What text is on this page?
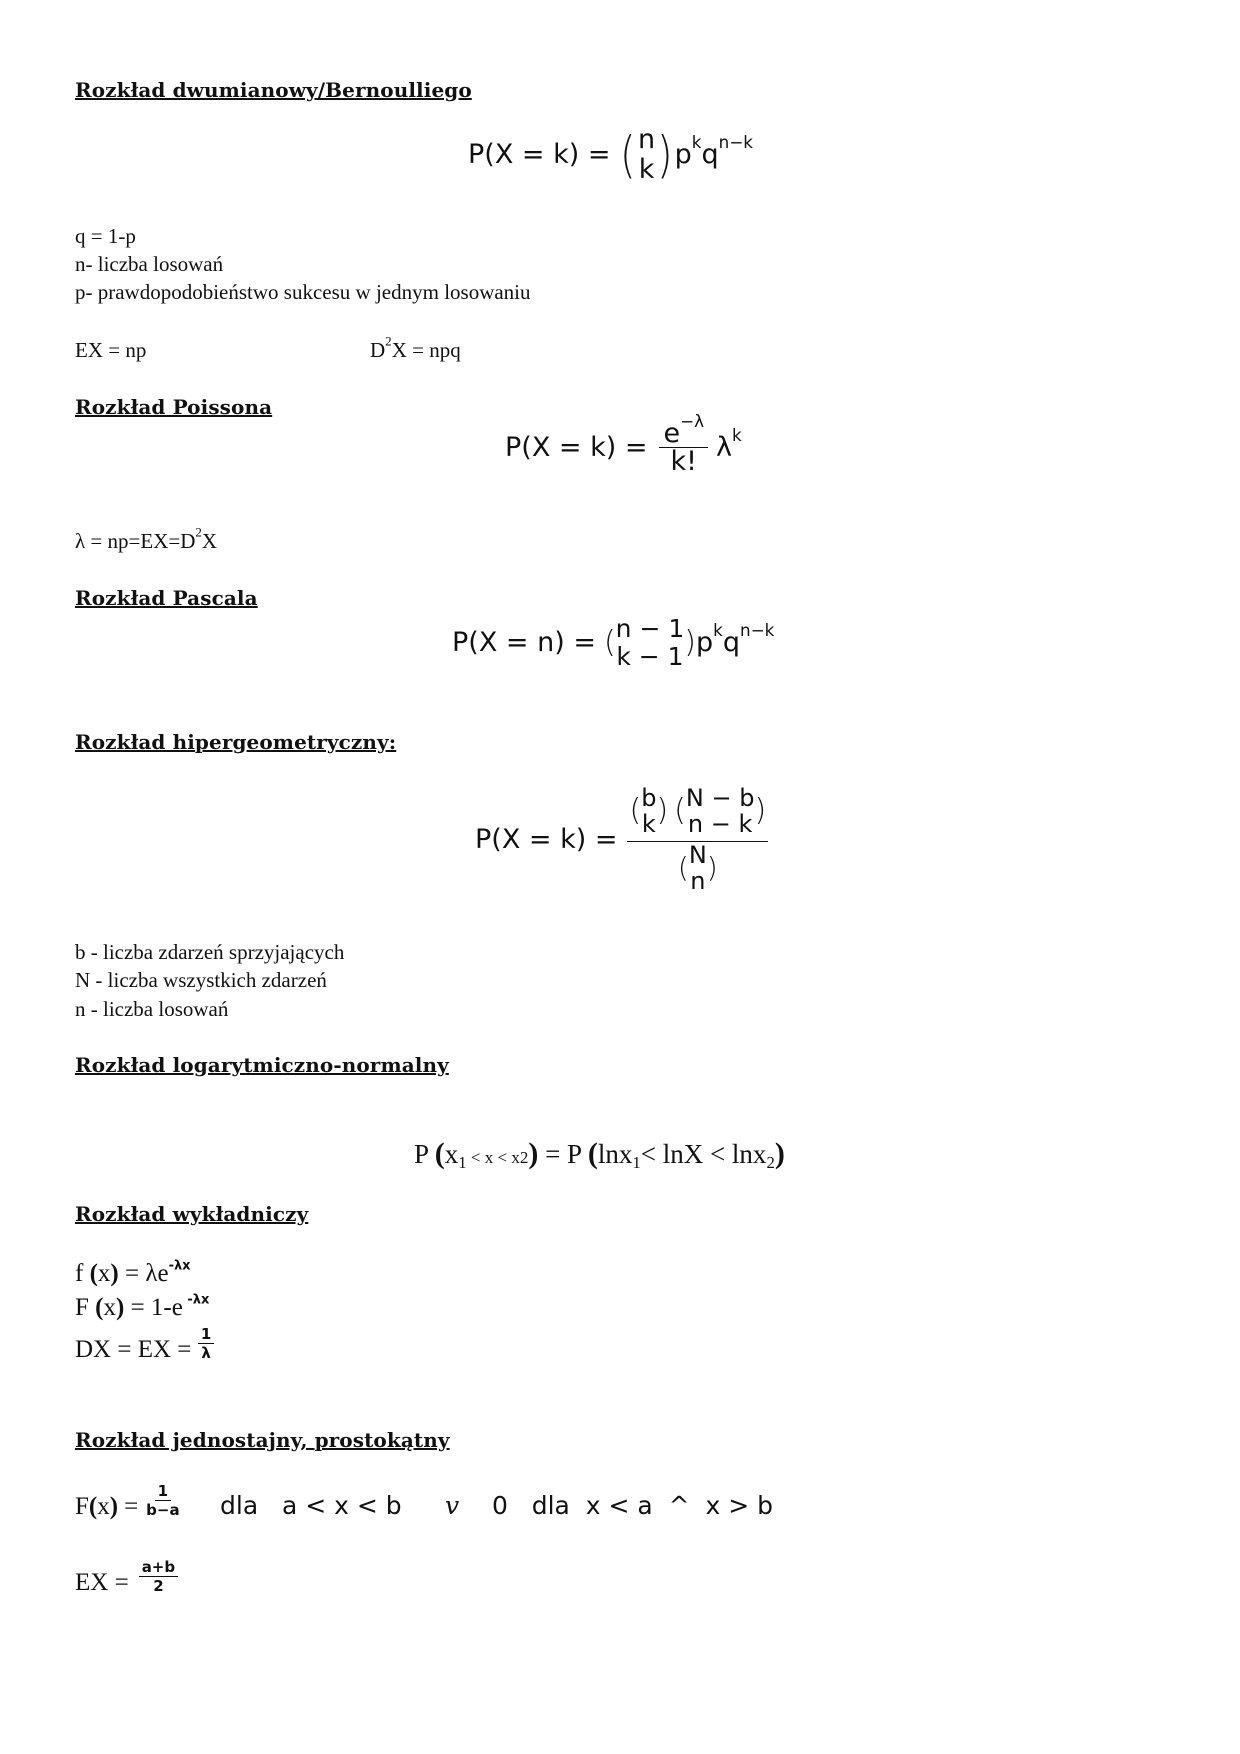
Rozkład dwumianowy/Bernoulliego
P(X = k) = ( n
k ) $p^kq^{n-k}$
q = 1-p
n- liczba losowań
p- prawdopodobieństwo sukcesu w jednym losowaniu
EX = np	$D^2X$ = npq
Rozkład Poissona
$P(X = k) = \frac{e^{-\lambda}}{k!} \lambda^k$
$\lambda = np=EX=D^2X$
Rozkład Pascala
P(X = n) = ( n − 1
k − 1 ) $p^kq^{n-k}$
Rozkład hipergeometryczny:
P(X = k) = ( b
k ) ( N − b
n − k )
( N
n )
b - liczba zdarzeń sprzyjających
N - liczba wszystkich zdarzeń
n - liczba losowań
Rozkład logarytmiczno-normalny
P $(x_1 < x < x2) = P$ (lnx$_1$< lnX < lnx$_2$)
Rozkład wykładniczy
f $(x) = \lambda e^{-\lambda x}$
F (x) = 1-e $^{-\lambda x}$
DX = EX = $\frac{1}{\lambda}$
Rozkład jednostajny, prostokątny
F ( x ) = $\frac{1}{b-a}$ dla   a < x < b v 0   dla  x < a  ^  x > b
EX = $\frac{a+b}{2}$
